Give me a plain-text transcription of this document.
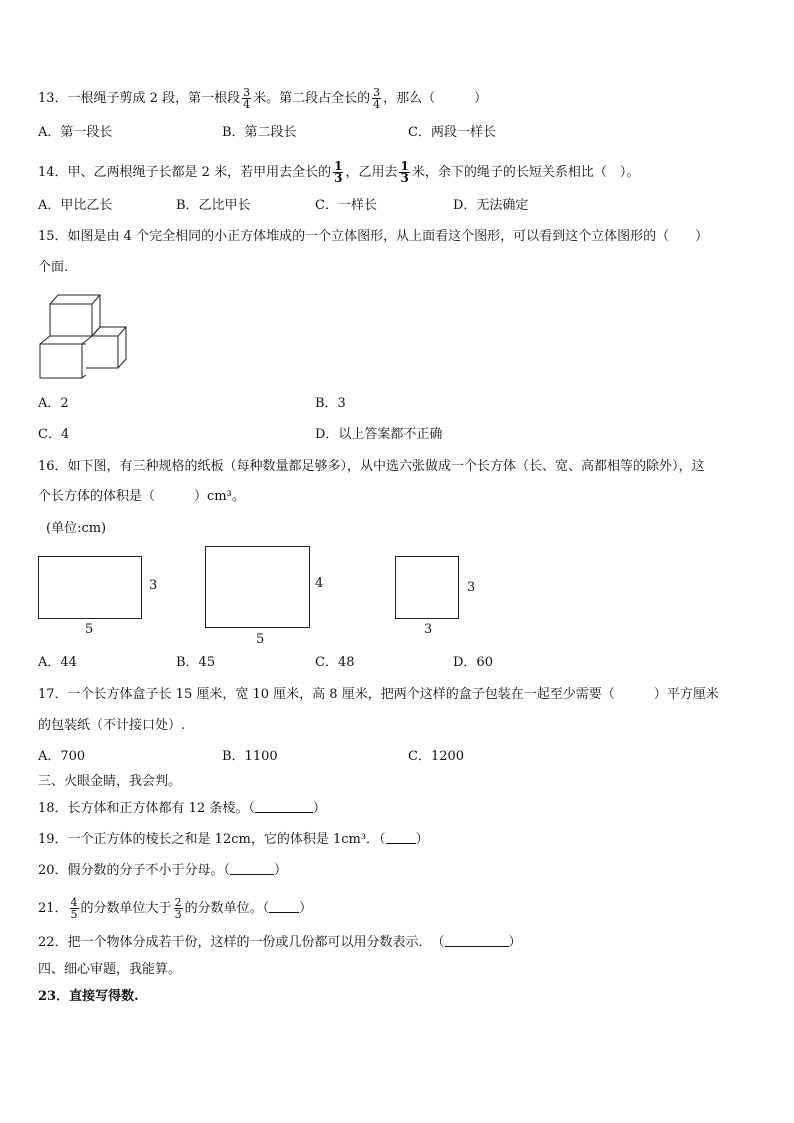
13．一根绳子剪成 2 段，第一根段 $\frac{3}{4}$ 米。第二段占全长的 $\frac{3}{4}$ ，那么（　　　）
A．第一段长	B．第二段长	C．两段一样长
14．甲、乙两根绳子长都是 2 米，若甲用去全长的 $\frac{1}{3}$ ，乙用去 $\frac{1}{3}$ 米，余下的绳子的长短关系相比（　）。
A．甲比乙长	B．乙比甲长	C．一样长	D．无法确定
15．如图是由 4 个完全相同的小正方体堆成的一个立体图形，从上面看这个图形，可以看到这个立体图形的（　　）
个面.
A．2	B．3
C．4	D．以上答案都不正确
16．如下图，有三种规格的纸板（每种数量都足够多），从中选六张做成一个长方体（长、宽、高都相等的除外），这
个长方体的体积是（　　　）cm³。
(单位:cm)
3
5
4
5
3
3
A．44	B．45	C．48	D．60
17．一个长方体盒子长 15 厘米，宽 10 厘米，高 8 厘米，把两个这样的盒子包装在一起至少需要（　　　）平方厘米
的包装纸（不计接口处）.
A．700	B．1100	C．1200
三、火眼金睛，我会判。
18．长方体和正方体都有 12 条棱。（	）
19．一个正方体的棱长之和是 12cm，它的体积是 1cm³．（ ）
20．假分数的分子不小于分母。（	）
21． $\frac{4}{5}$ 的分数单位大于 $\frac{2}{3}$ 的分数单位。（ ）
22．把一个物体分成若干份，这样的一份或几份都可以用分数表示．　（	）
四、细心审题，我能算。
23．直接写得数.
